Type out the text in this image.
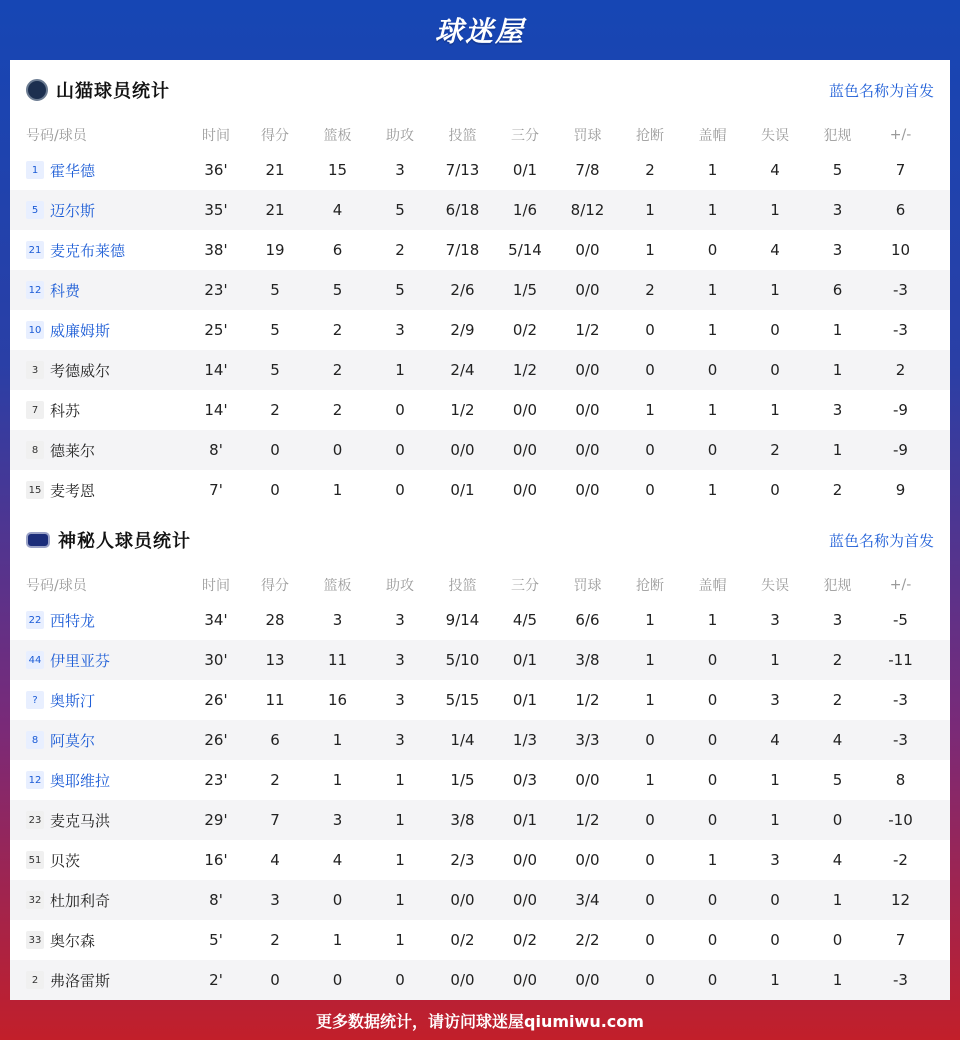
球迷屋
山猫球员统计	蓝色名称为首发
号码/球员	时间	得分	篮板	助攻	投篮	三分	罚球	抢断	盖帽	失误	犯规	+/-
1 霍华德	36'	21	15	3	7/13	0/1	7/8	2	1	4	5	7
5 迈尔斯	35'	21	4	5	6/18	1/6	8/12	1	1	1	3	6
21 麦克布莱德	38'	19	6	2	7/18	5/14	0/0	1	0	4	3	10
12 科费	23'	5	5	5	2/6	1/5	0/0	2	1	1	6	-3
10 威廉姆斯	25'	5	2	3	2/9	0/2	1/2	0	1	0	1	-3
3 考德威尔	14'	5	2	1	2/4	1/2	0/0	0	0	0	1	2
7 科苏	14'	2	2	0	1/2	0/0	0/0	1	1	1	3	-9
8 德莱尔	8'	0	0	0	0/0	0/0	0/0	0	0	2	1	-9
15 麦考恩	7'	0	1	0	0/1	0/0	0/0	0	1	0	2	9
神秘人球员统计	蓝色名称为首发
号码/球员	时间	得分	篮板	助攻	投篮	三分	罚球	抢断	盖帽	失误	犯规	+/-
22 西特龙	34'	28	3	3	9/14	4/5	6/6	1	1	3	3	-5
44 伊里亚芬	30'	13	11	3	5/10	0/1	3/8	1	0	1	2	-11
? 奥斯汀	26'	11	16	3	5/15	0/1	1/2	1	0	3	2	-3
8 阿莫尔	26'	6	1	3	1/4	1/3	3/3	0	0	4	4	-3
12 奥耶维拉	23'	2	1	1	1/5	0/3	0/0	1	0	1	5	8
23 麦克马洪	29'	7	3	1	3/8	0/1	1/2	0	0	1	0	-10
51 贝茨	16'	4	4	1	2/3	0/0	0/0	0	1	3	4	-2
32 杜加利奇	8'	3	0	1	0/0	0/0	3/4	0	0	0	1	12
33 奥尔森	5'	2	1	1	0/2	0/2	2/2	0	0	0	0	7
2 弗洛雷斯	2'	0	0	0	0/0	0/0	0/0	0	0	1	1	-3
更多数据统计，请访问球迷屋qiumiwu.com
